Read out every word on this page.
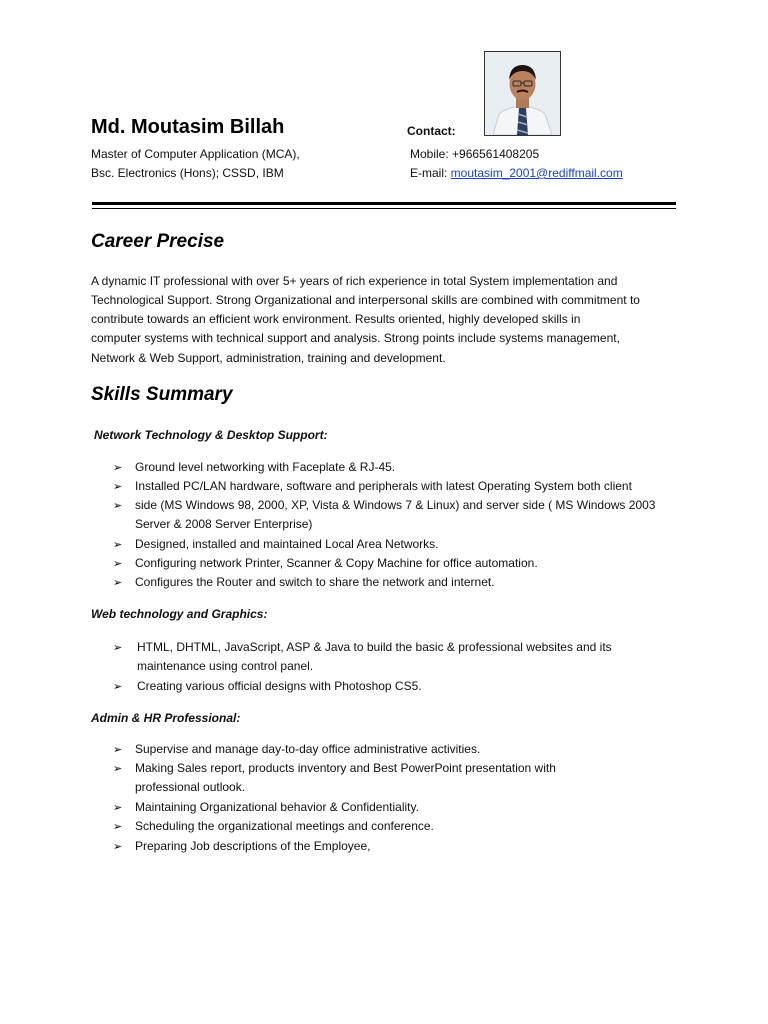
Md. Moutasim Billah
Master of Computer Application (MCA),
Bsc. Electronics (Hons); CSSD, IBM
Contact:
Mobile: +966561408205
E-mail: moutasim_2001@rediffmail.com
Career Precise
A dynamic IT professional with over 5+ years of rich experience in total System implementation and
Technological Support. Strong Organizational and interpersonal skills are combined with commitment to
contribute towards an efficient work environment. Results oriented, highly developed skills in
computer systems with technical support and analysis. Strong points include systems management,
Network & Web Support, administration, training and development.
Skills Summary
Network Technology & Desktop Support:
➢ Ground level networking with Faceplate & RJ-45.
➢ Installed PC/LAN hardware, software and peripherals with latest Operating System both client
➢ side (MS Windows 98, 2000, XP, Vista & Windows 7 & Linux) and server side ( MS Windows 2003
Server & 2008 Server Enterprise)
➢ Designed, installed and maintained Local Area Networks.
➢ Configuring network Printer, Scanner & Copy Machine for office automation.
➢ Configures the Router and switch to share the network and internet.
Web technology and Graphics:
➢ HTML, DHTML, JavaScript, ASP & Java to build the basic & professional websites and its
maintenance using control panel.
➢ Creating various official designs with Photoshop CS5.
Admin & HR Professional:
➢ Supervise and manage day-to-day office administrative activities.
➢ Making Sales report, products inventory and Best PowerPoint presentation with
professional outlook.
➢ Maintaining Organizational behavior & Confidentiality.
➢ Scheduling the organizational meetings and conference.
➢ Preparing Job descriptions of the Employee,
